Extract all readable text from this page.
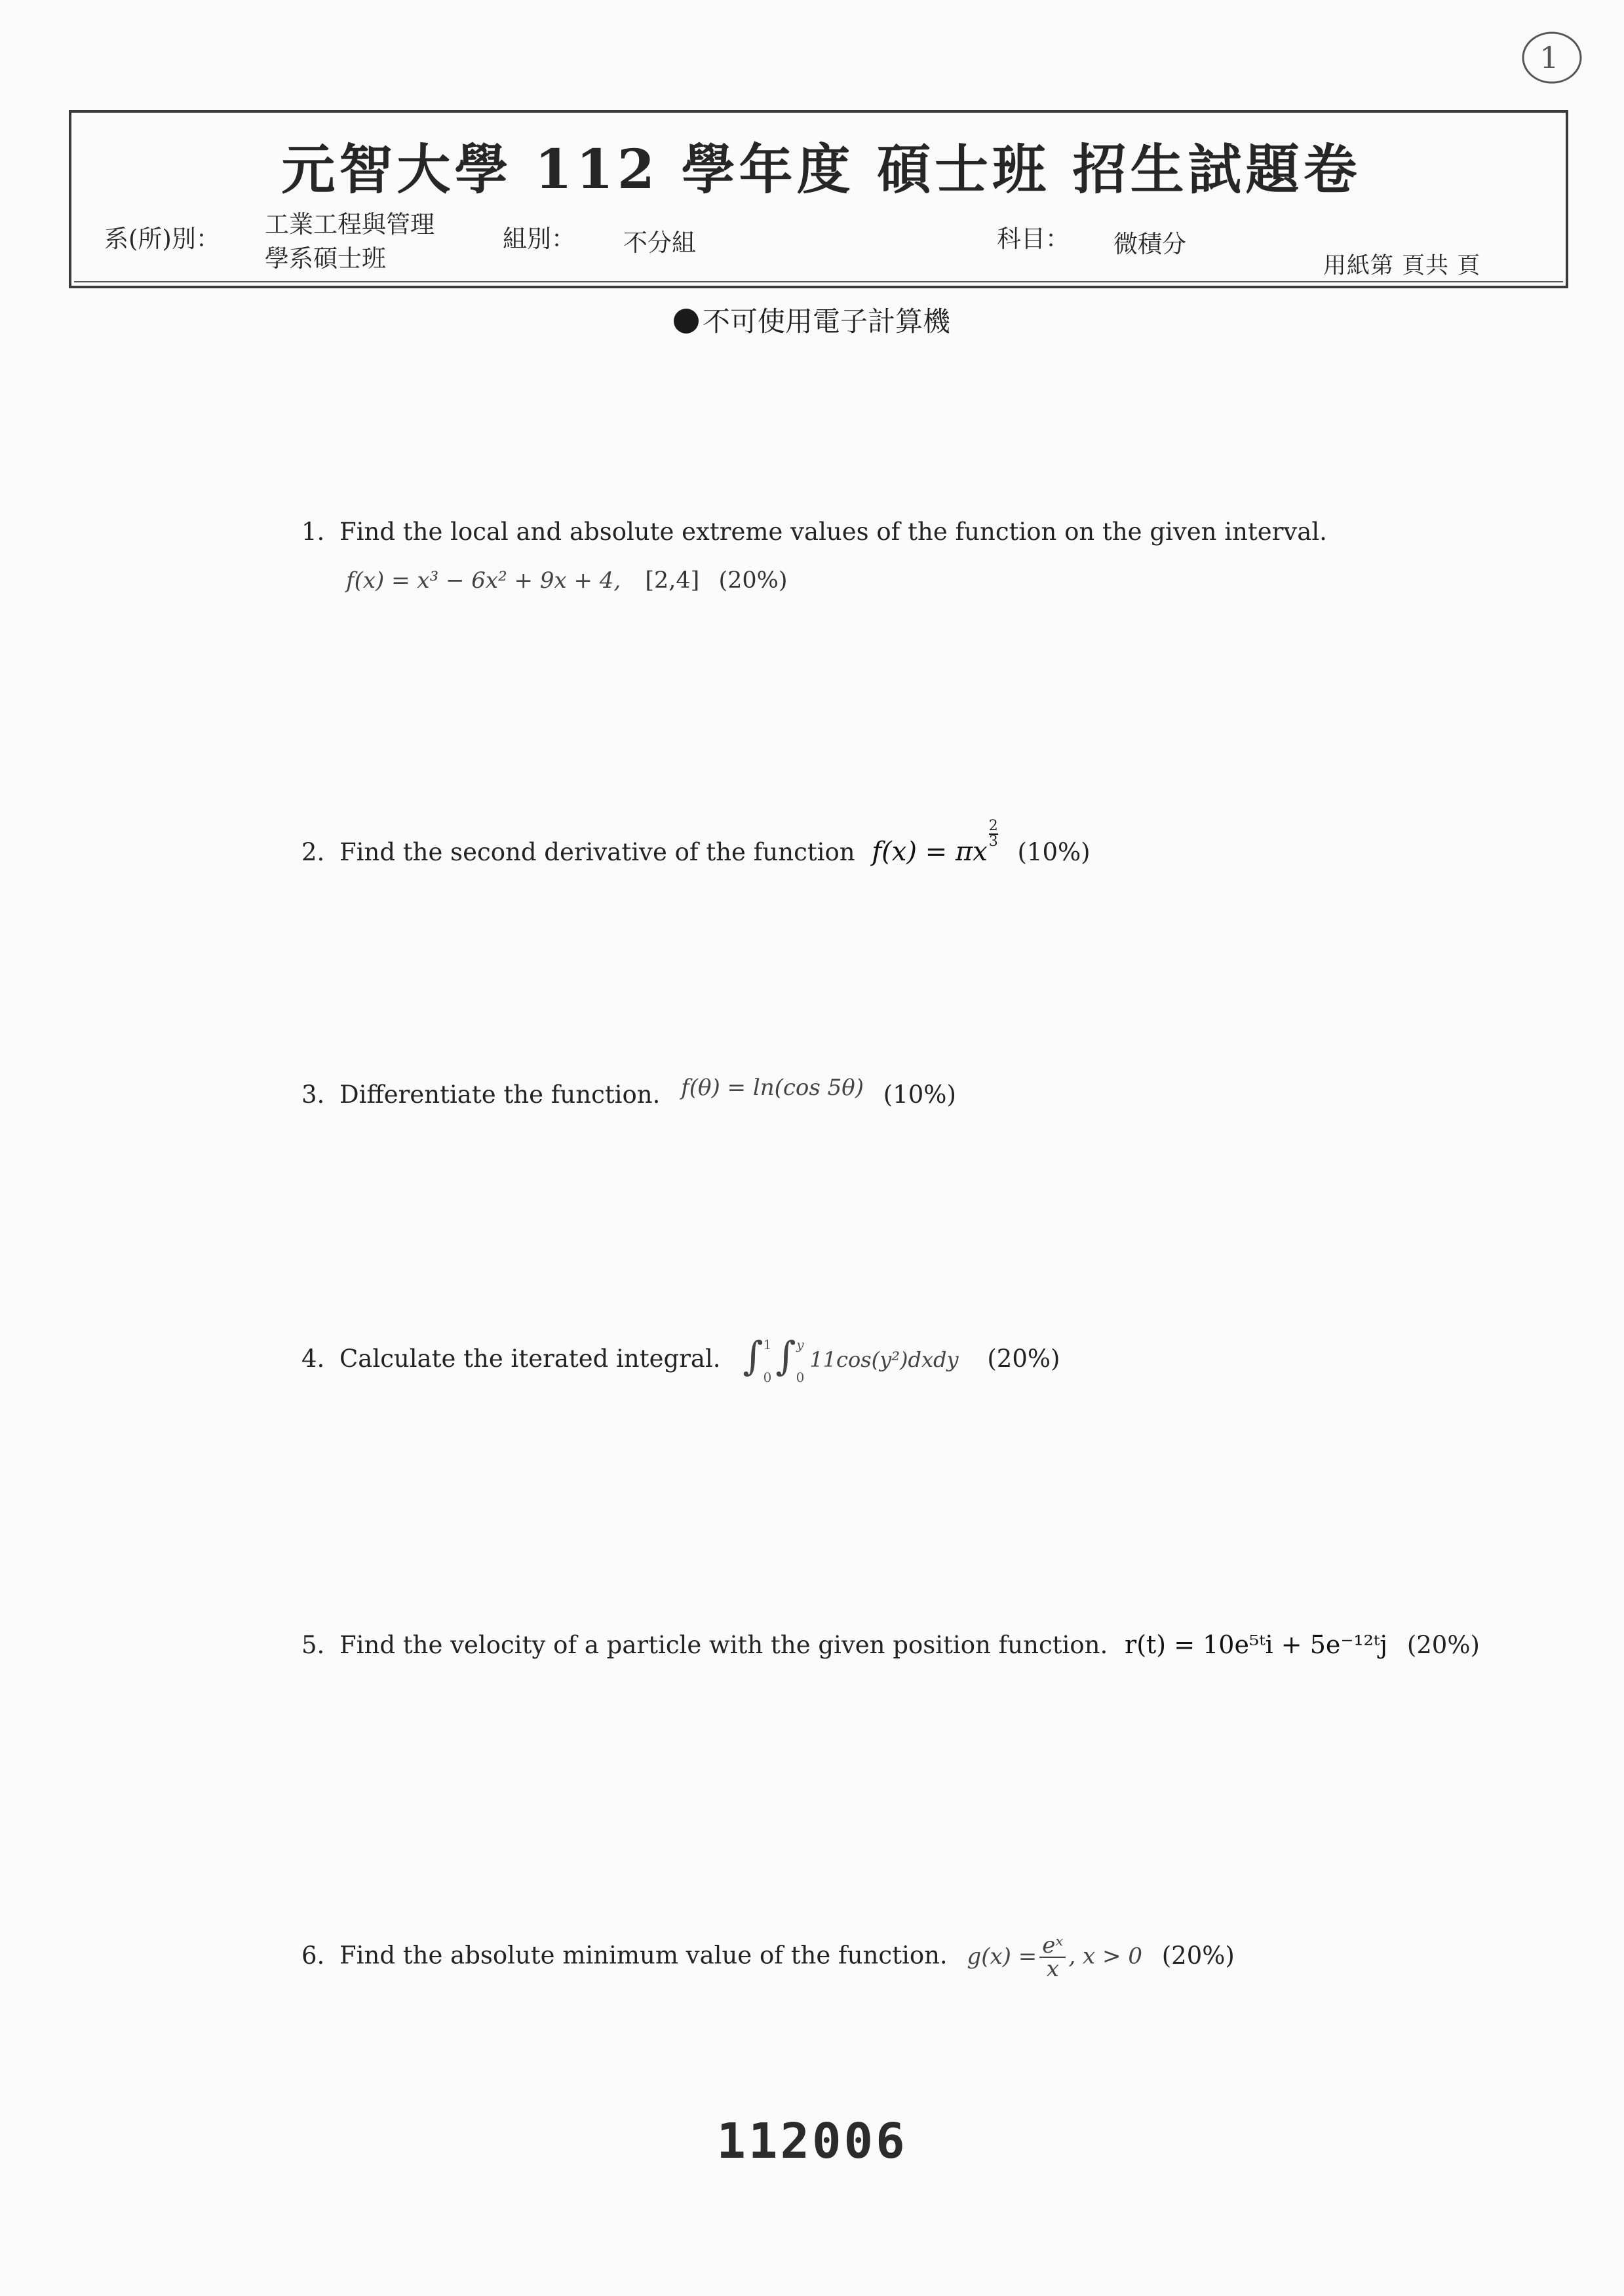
1
元智大學 112 學年度 碩士班 招生試題卷
系(所)別：
工業工程與管理
學系碩士班
組別： 不分組	科目： 微積分
用紙第 頁共 頁
不可使用電子計算機
1. Find the local and absolute extreme values of the function on the given interval.
f(x) = x³ − 6x² + 9x + 4, [2,4] (20%)
2. Find the second derivative of the function f(x) = πx
$\frac{2}{3}$
(10%)
3. Differentiate the function. f(θ) = ln(cos 5θ) (10%)
4. Calculate the iterated integral. ∫ 1
0 ∫ y
0
11cos(y²)dxdy (20%)
5. Find the velocity of a particle with the given position function. r(t) = 10e⁵ᵗi + 5e⁻¹²ᵗj (20%)
6. Find the absolute minimum value of the function. $g(x) = \frac{\text{eˣ}}{x}$ , x > 0 (20%)
112006
